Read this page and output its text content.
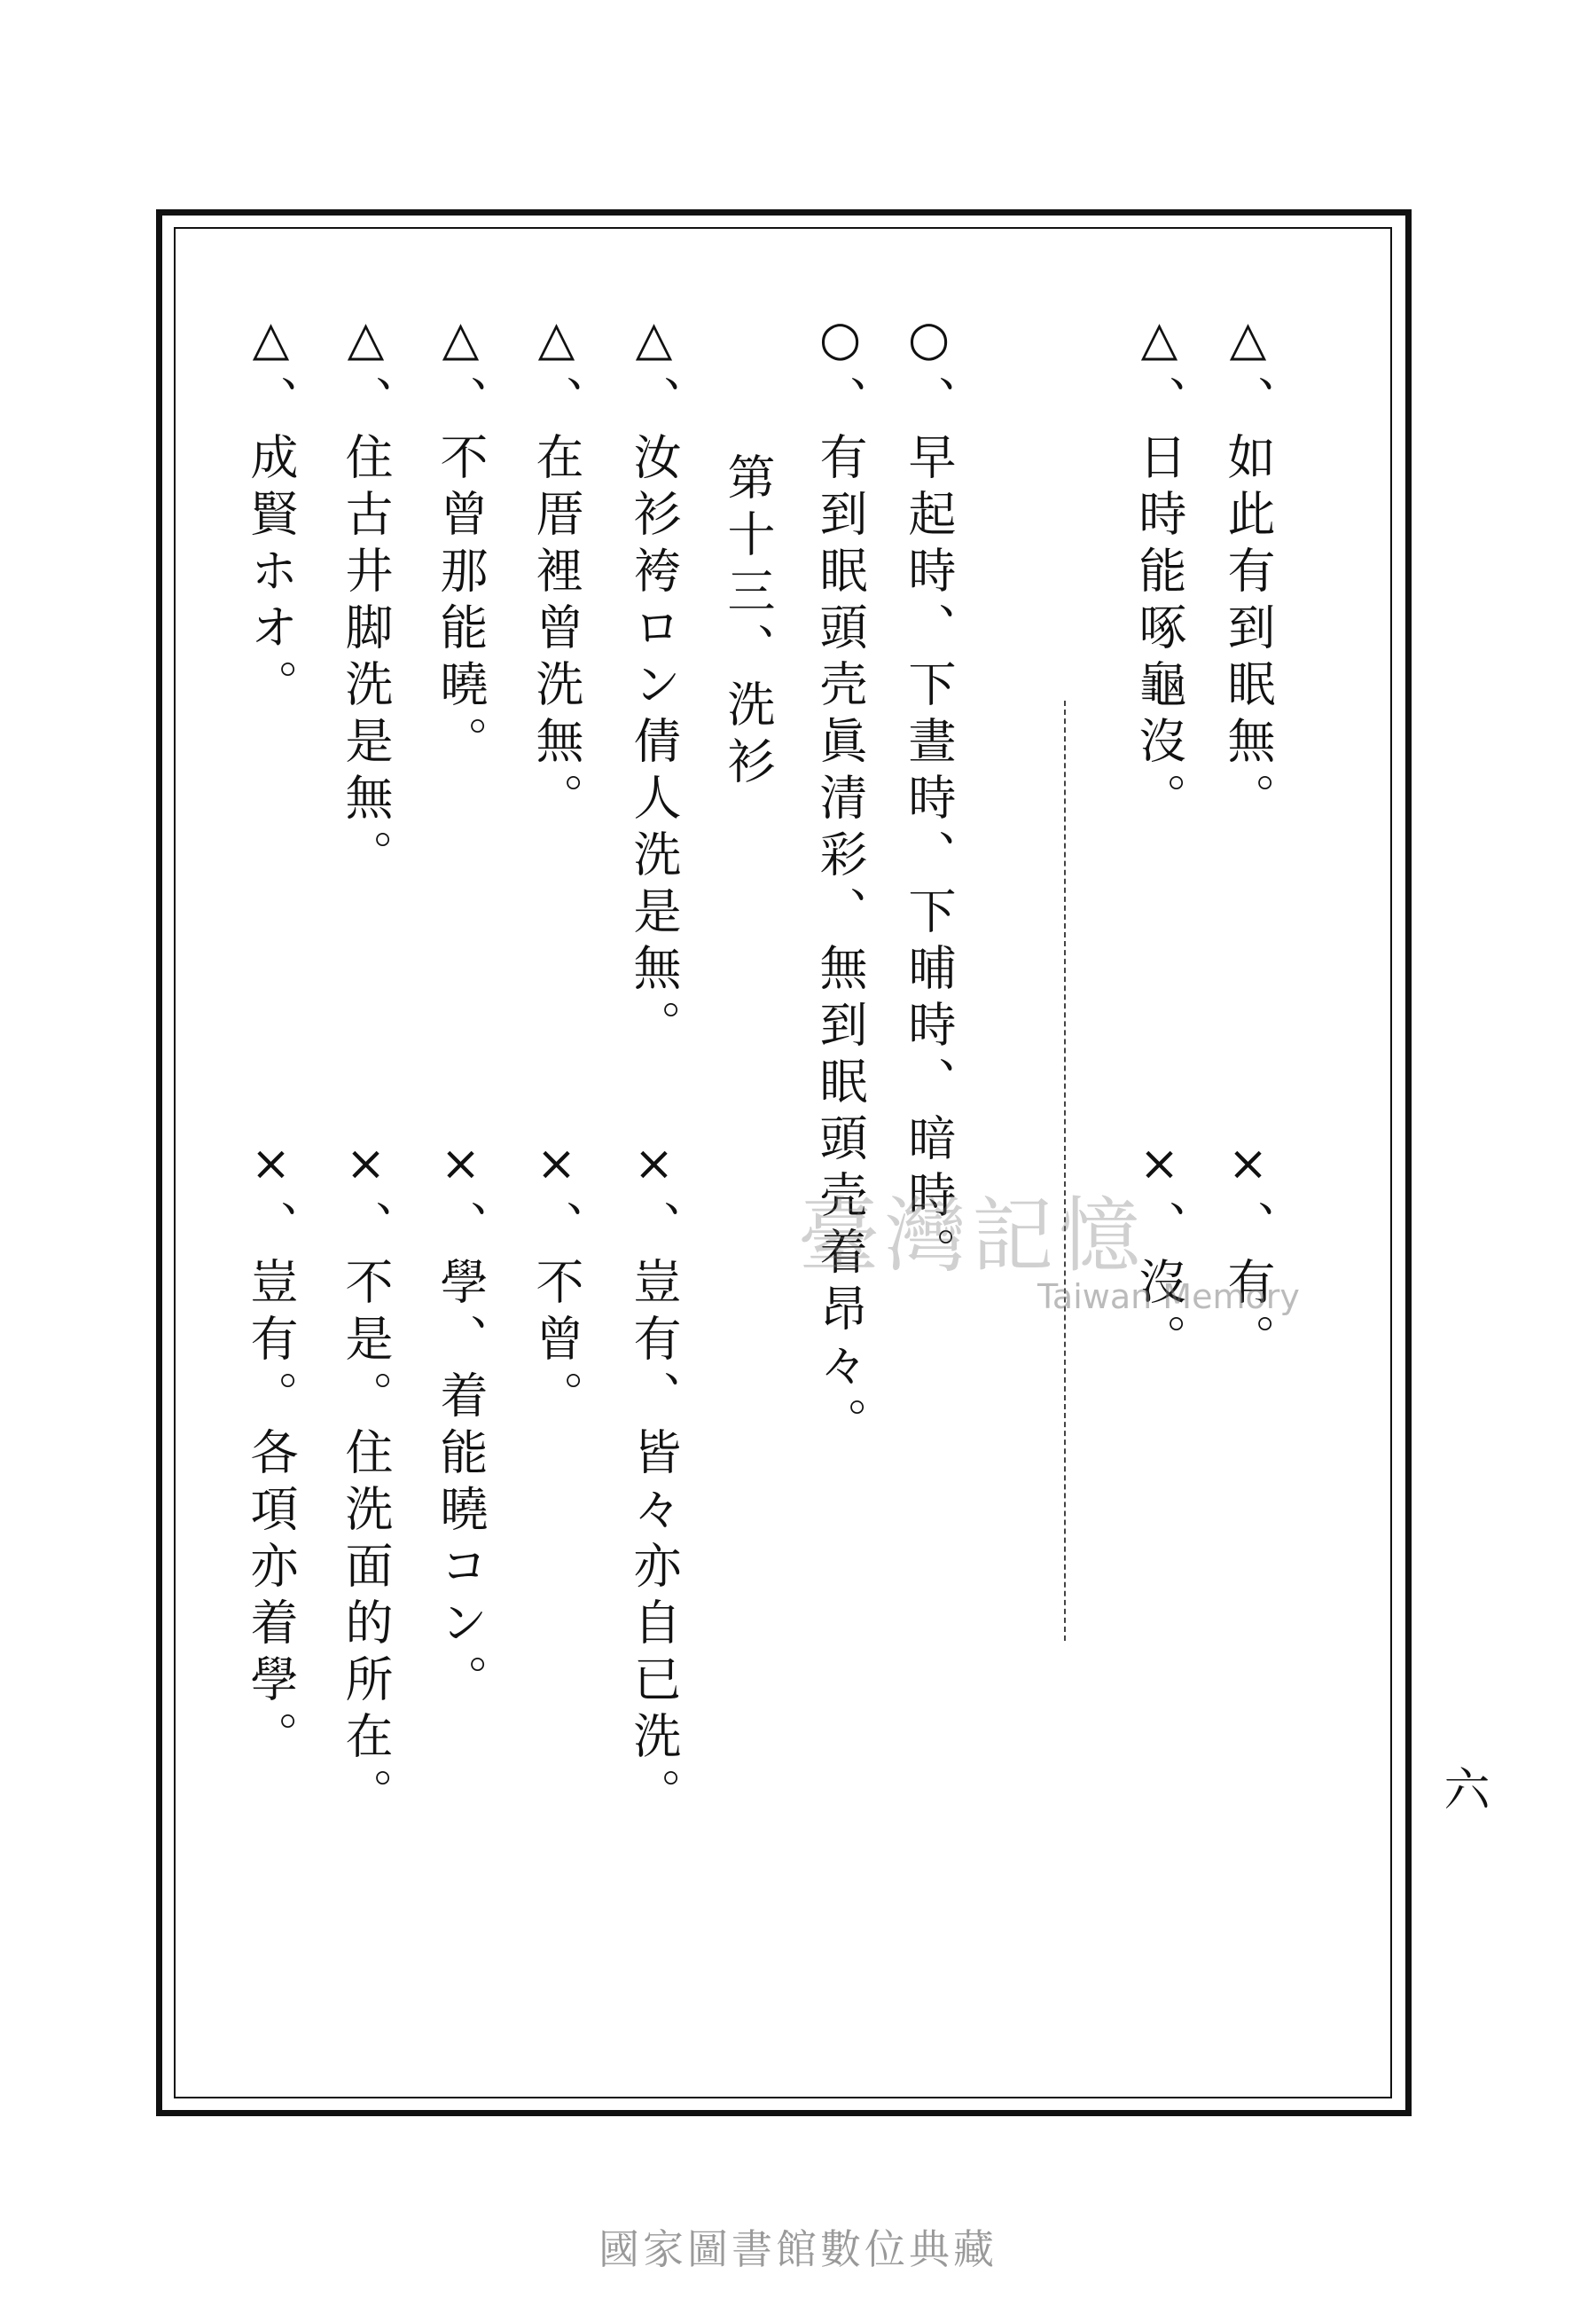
△、如此有到眠無。
△、日時能啄龜沒。
○、早起時、下晝時、下晡時、暗時。
○、有到眠頭壳眞清彩、無到眠頭壳着昂々。
第十三、洗衫
△、汝衫袴ロン倩人洗是無。
△、在厝裡曾洗無。
△、不曾那能曉。
△、住古井脚洗是無。
△、成賢ホオ。
×、有。
×、沒。
×、豈有、皆々亦自已洗。
×、不曾。
×、學、着能曉コン。
×、不是。住洗面的所在。
×、豈有。各項亦着學。
六
臺灣記憶
Taiwan Memory
國家圖書館數位典藏
